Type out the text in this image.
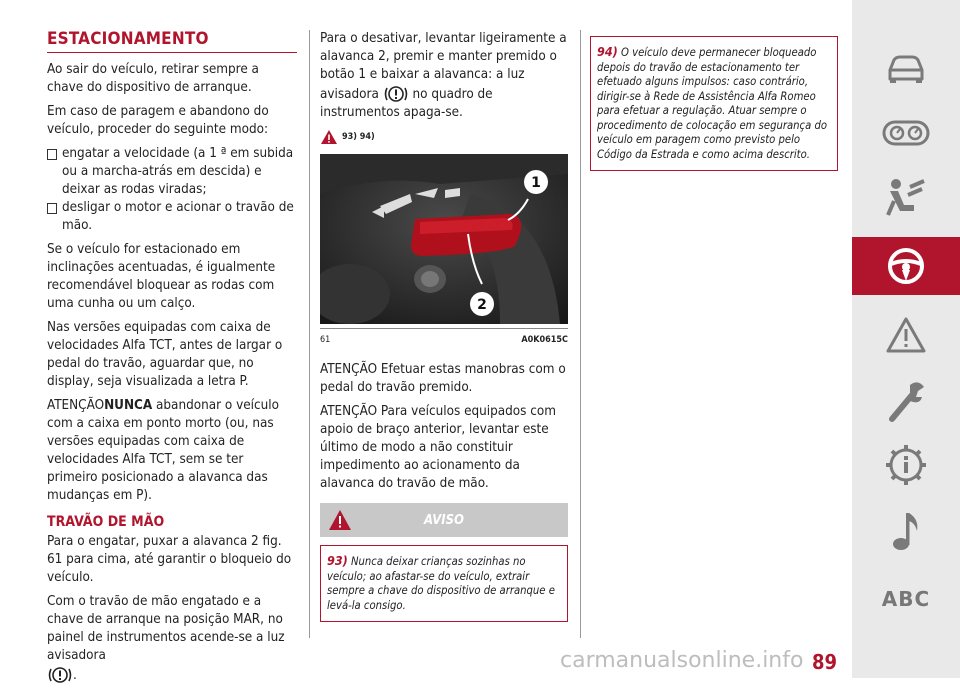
ESTACIONAMENTO

Ao sair do veículo, retirar sempre a chave do dispositivo de arranque.

Em caso de paragem e abandono do veículo, proceder do seguinte modo:

engatar a velocidade (a 1 ª em subida ou a marcha-atrás em descida) e deixar as rodas viradas;
desligar o motor e acionar o travão de mão.

Se o veículo for estacionado em inclinações acentuadas, é igualmente recomendável bloquear as rodas com uma cunha ou um calço.

Nas versões equipadas com caixa de velocidades Alfa TCT, antes de largar o pedal do travão, aguardar que, no display, seja visualizada a letra P.

ATENÇÃONUNCA abandonar o veículo com a caixa em ponto morto (ou, nas versões equipadas com caixa de velocidades Alfa TCT, sem se ter primeiro posicionado a alavanca das mudanças em P).

TRAVÃO DE MÃO

Para o engatar, puxar a alavanca 2 fig. 61 para cima, até garantir o bloqueio do veículo.

Com o travão de mão engatado e a chave de arranque na posição MAR, no painel de instrumentos acende-se a luz avisadora
.

Para o desativar, levantar ligeiramente a alavanca 2, premir e manter premido o botão 1 e baixar a alavanca: a luz avisadora	no quadro de instrumentos apaga-se.

93) 94)
1
2
61	A0K0615C

ATENÇÃO Efetuar estas manobras com o pedal do travão premido.

ATENÇÃO Para veículos equipados com apoio de braço anterior, levantar este último de modo a não constituir impedimento ao acionamento da alavanca do travão de mão.

AVISO
93) Nunca deixar crianças sozinhas no veículo; ao afastar-se do veículo, extrair sempre a chave do dispositivo de arranque e levá-la consigo.
94) O veículo deve permanecer bloqueado depois do travão de estacionamento ter efetuado alguns impulsos: caso contrário, dirigir-se à Rede de Assistência Alfa Romeo para efetuar a regulação. Atuar sempre o procedimento de colocação em segurança do veículo em paragem como previsto pelo Código da Estrada e como acima descrito.
ABC
carmanualsonline.info 89
